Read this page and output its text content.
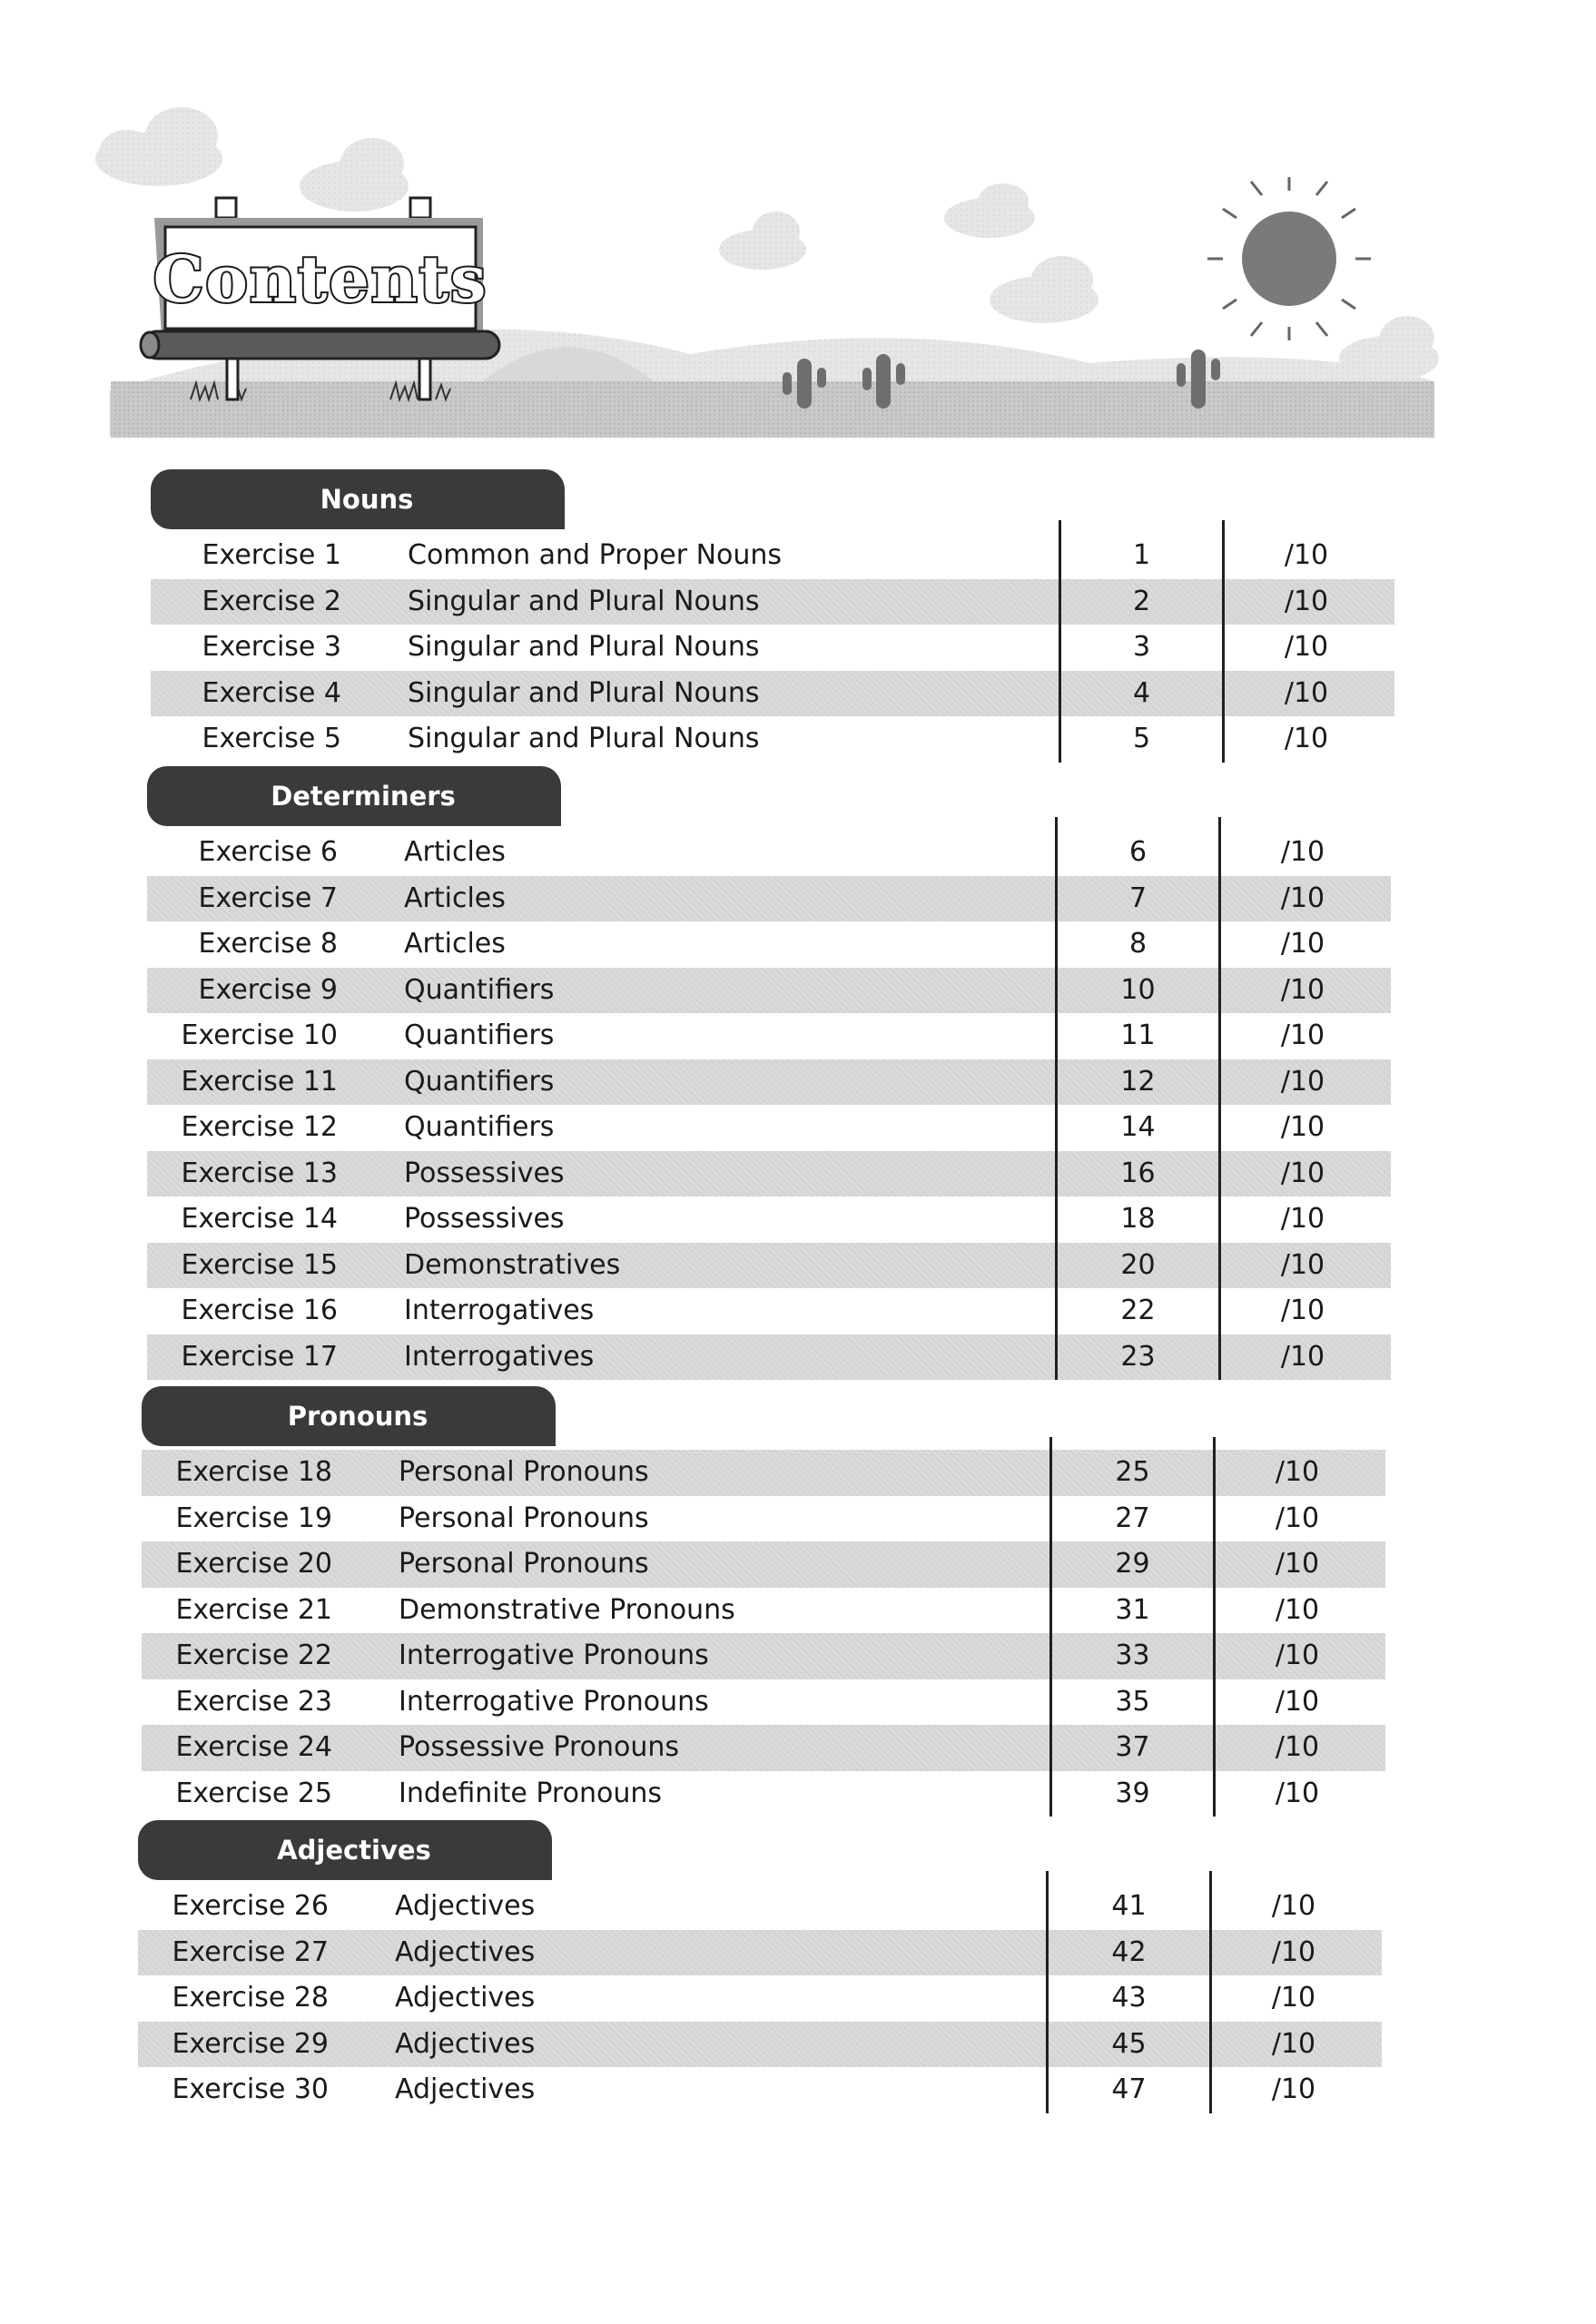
Contents
Nouns
Exercise 1 Common and Proper Nouns	1	/10
Exercise 2 Singular and Plural Nouns	2	/10
Exercise 3 Singular and Plural Nouns	3	/10
Exercise 4 Singular and Plural Nouns	4	/10
Exercise 5 Singular and Plural Nouns	5	/10
Determiners
Exercise 6 Articles	6	/10
Exercise 7 Articles	7	/10
Exercise 8 Articles	8	/10
Exercise 9 Quantifiers	10	/10
Exercise 10 Quantifiers	11	/10
Exercise 11 Quantifiers	12	/10
Exercise 12 Quantifiers	14	/10
Exercise 13 Possessives	16	/10
Exercise 14 Possessives	18	/10
Exercise 15 Demonstratives	20	/10
Exercise 16 Interrogatives	22	/10
Exercise 17 Interrogatives	23	/10
Pronouns
Exercise 18 Personal Pronouns	25	/10
Exercise 19 Personal Pronouns	27	/10
Exercise 20 Personal Pronouns	29	/10
Exercise 21 Demonstrative Pronouns	31	/10
Exercise 22 Interrogative Pronouns	33	/10
Exercise 23 Interrogative Pronouns	35	/10
Exercise 24 Possessive Pronouns	37	/10
Exercise 25 Indefinite Pronouns	39	/10
Adjectives
Exercise 26 Adjectives	41	/10
Exercise 27 Adjectives	42	/10
Exercise 28 Adjectives	43	/10
Exercise 29 Adjectives	45	/10
Exercise 30 Adjectives	47	/10
